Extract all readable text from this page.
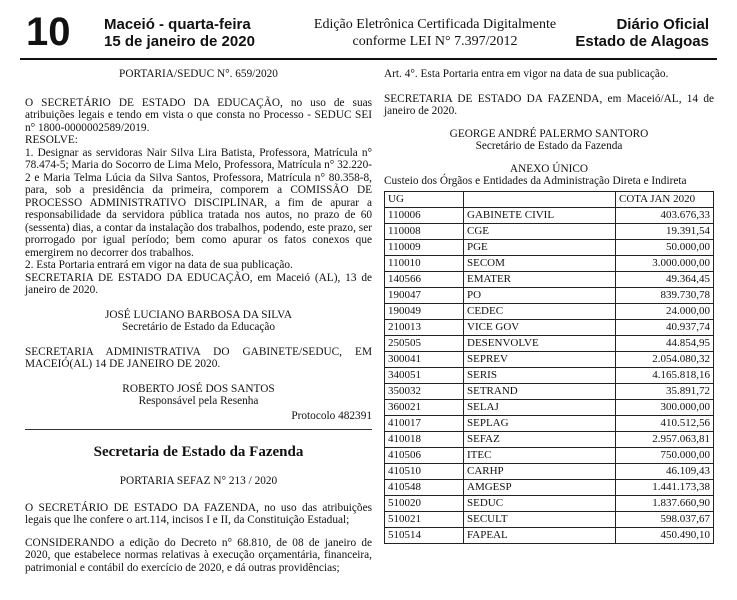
10 Maceió - quarta-feira
15 de janeiro de 2020
Edição Eletrônica Certificada Digitalmente
conforme LEI N° 7.397/2012
Diário Oficial
Estado de Alagoas

PORTARIA/SEDUC N°. 659/2020

O SECRETÁRIO DE ESTADO DA EDUCAÇÃO, no uso de suas atribuições legais e tendo em vista o que consta no Processo - SEDUC SEI n° 1800-0000002589/2019.

RESOLVE:

1. Designar as servidoras Nair Silva Lira Batista, Professora, Matrícula n° 78.474-5; Maria do Socorro de Lima Melo, Professora, Matrícula n° 32.220-2 e Maria Telma Lúcia da Silva Santos, Professora, Matrícula n° 80.358-8, para, sob a presidência da primeira, comporem a COMISSÃO DE PROCESSO ADMINISTRATIVO DISCIPLINAR, a fim de apurar a responsabilidade da servidora pública tratada nos autos, no prazo de 60 (sessenta) dias, a contar da instalação dos trabalhos, podendo, este prazo, ser prorrogado por igual período; bem como apurar os fatos conexos que emergirem no decorrer dos trabalhos.

2. Esta Portaria entrará em vigor na data de sua publicação.

SECRETARIA DE ESTADO DA EDUCAÇÃO, em Maceió (AL), 13 de janeiro de 2020.

JOSÉ LUCIANO BARBOSA DA SILVA

Secretário de Estado da Educação

SECRETARIA ADMINISTRATIVA DO GABINETE/SEDUC, EM MACEIÓ(AL) 14 DE JANEIRO DE 2020.

ROBERTO JOSÉ DOS SANTOS

Responsável pela Resenha

Protocolo 482391

Secretaria de Estado da Fazenda

PORTARIA SEFAZ N° 213 / 2020

O SECRETÁRIO DE ESTADO DA FAZENDA, no uso das atribuições legais que lhe confere o art.114, incisos I e II, da Constituição Estadual;

CONSIDERANDO a edição do Decreto n° 68.810, de 08 de janeiro de 2020, que estabelece normas relativas à execução orçamentária, financeira, patrimonial e contábil do exercício de 2020, e dá outras providências;

Art. 4°. Esta Portaria entra em vigor na data de sua publicação.

SECRETARIA DE ESTADO DA FAZENDA, em Maceió/AL, 14 de janeiro de 2020.

GEORGE ANDRÉ PALERMO SANTORO

Secretário de Estado da Fazenda

ANEXO ÚNICO

Custeio dos Órgãos e Entidades da Administração Direta e Indireta

UG		COTA JAN 2020
110006	GABINETE CIVIL	403.676,33
110008	CGE	19.391,54
110009	PGE	50.000,00
110010	SECOM	3.000.000,00
140566	EMATER	49.364,45
190047	PO	839.730,78
190049	CEDEC	24.000,00
210013	VICE GOV	40.937,74
250505	DESENVOLVE	44.854,95
300041	SEPREV	2.054.080,32
340051	SERIS	4.165.818,16
350032	SETRAND	35.891,72
360021	SELAJ	300.000,00
410017	SEPLAG	410.512,56
410018	SEFAZ	2.957.063,81
410506	ITEC	750.000,00
410510	CARHP	46.109,43
410548	AMGESP	1.441.173,38
510020	SEDUC	1.837.660,90
510021	SECULT	598.037,67
510514	FAPEAL	450.490,10
